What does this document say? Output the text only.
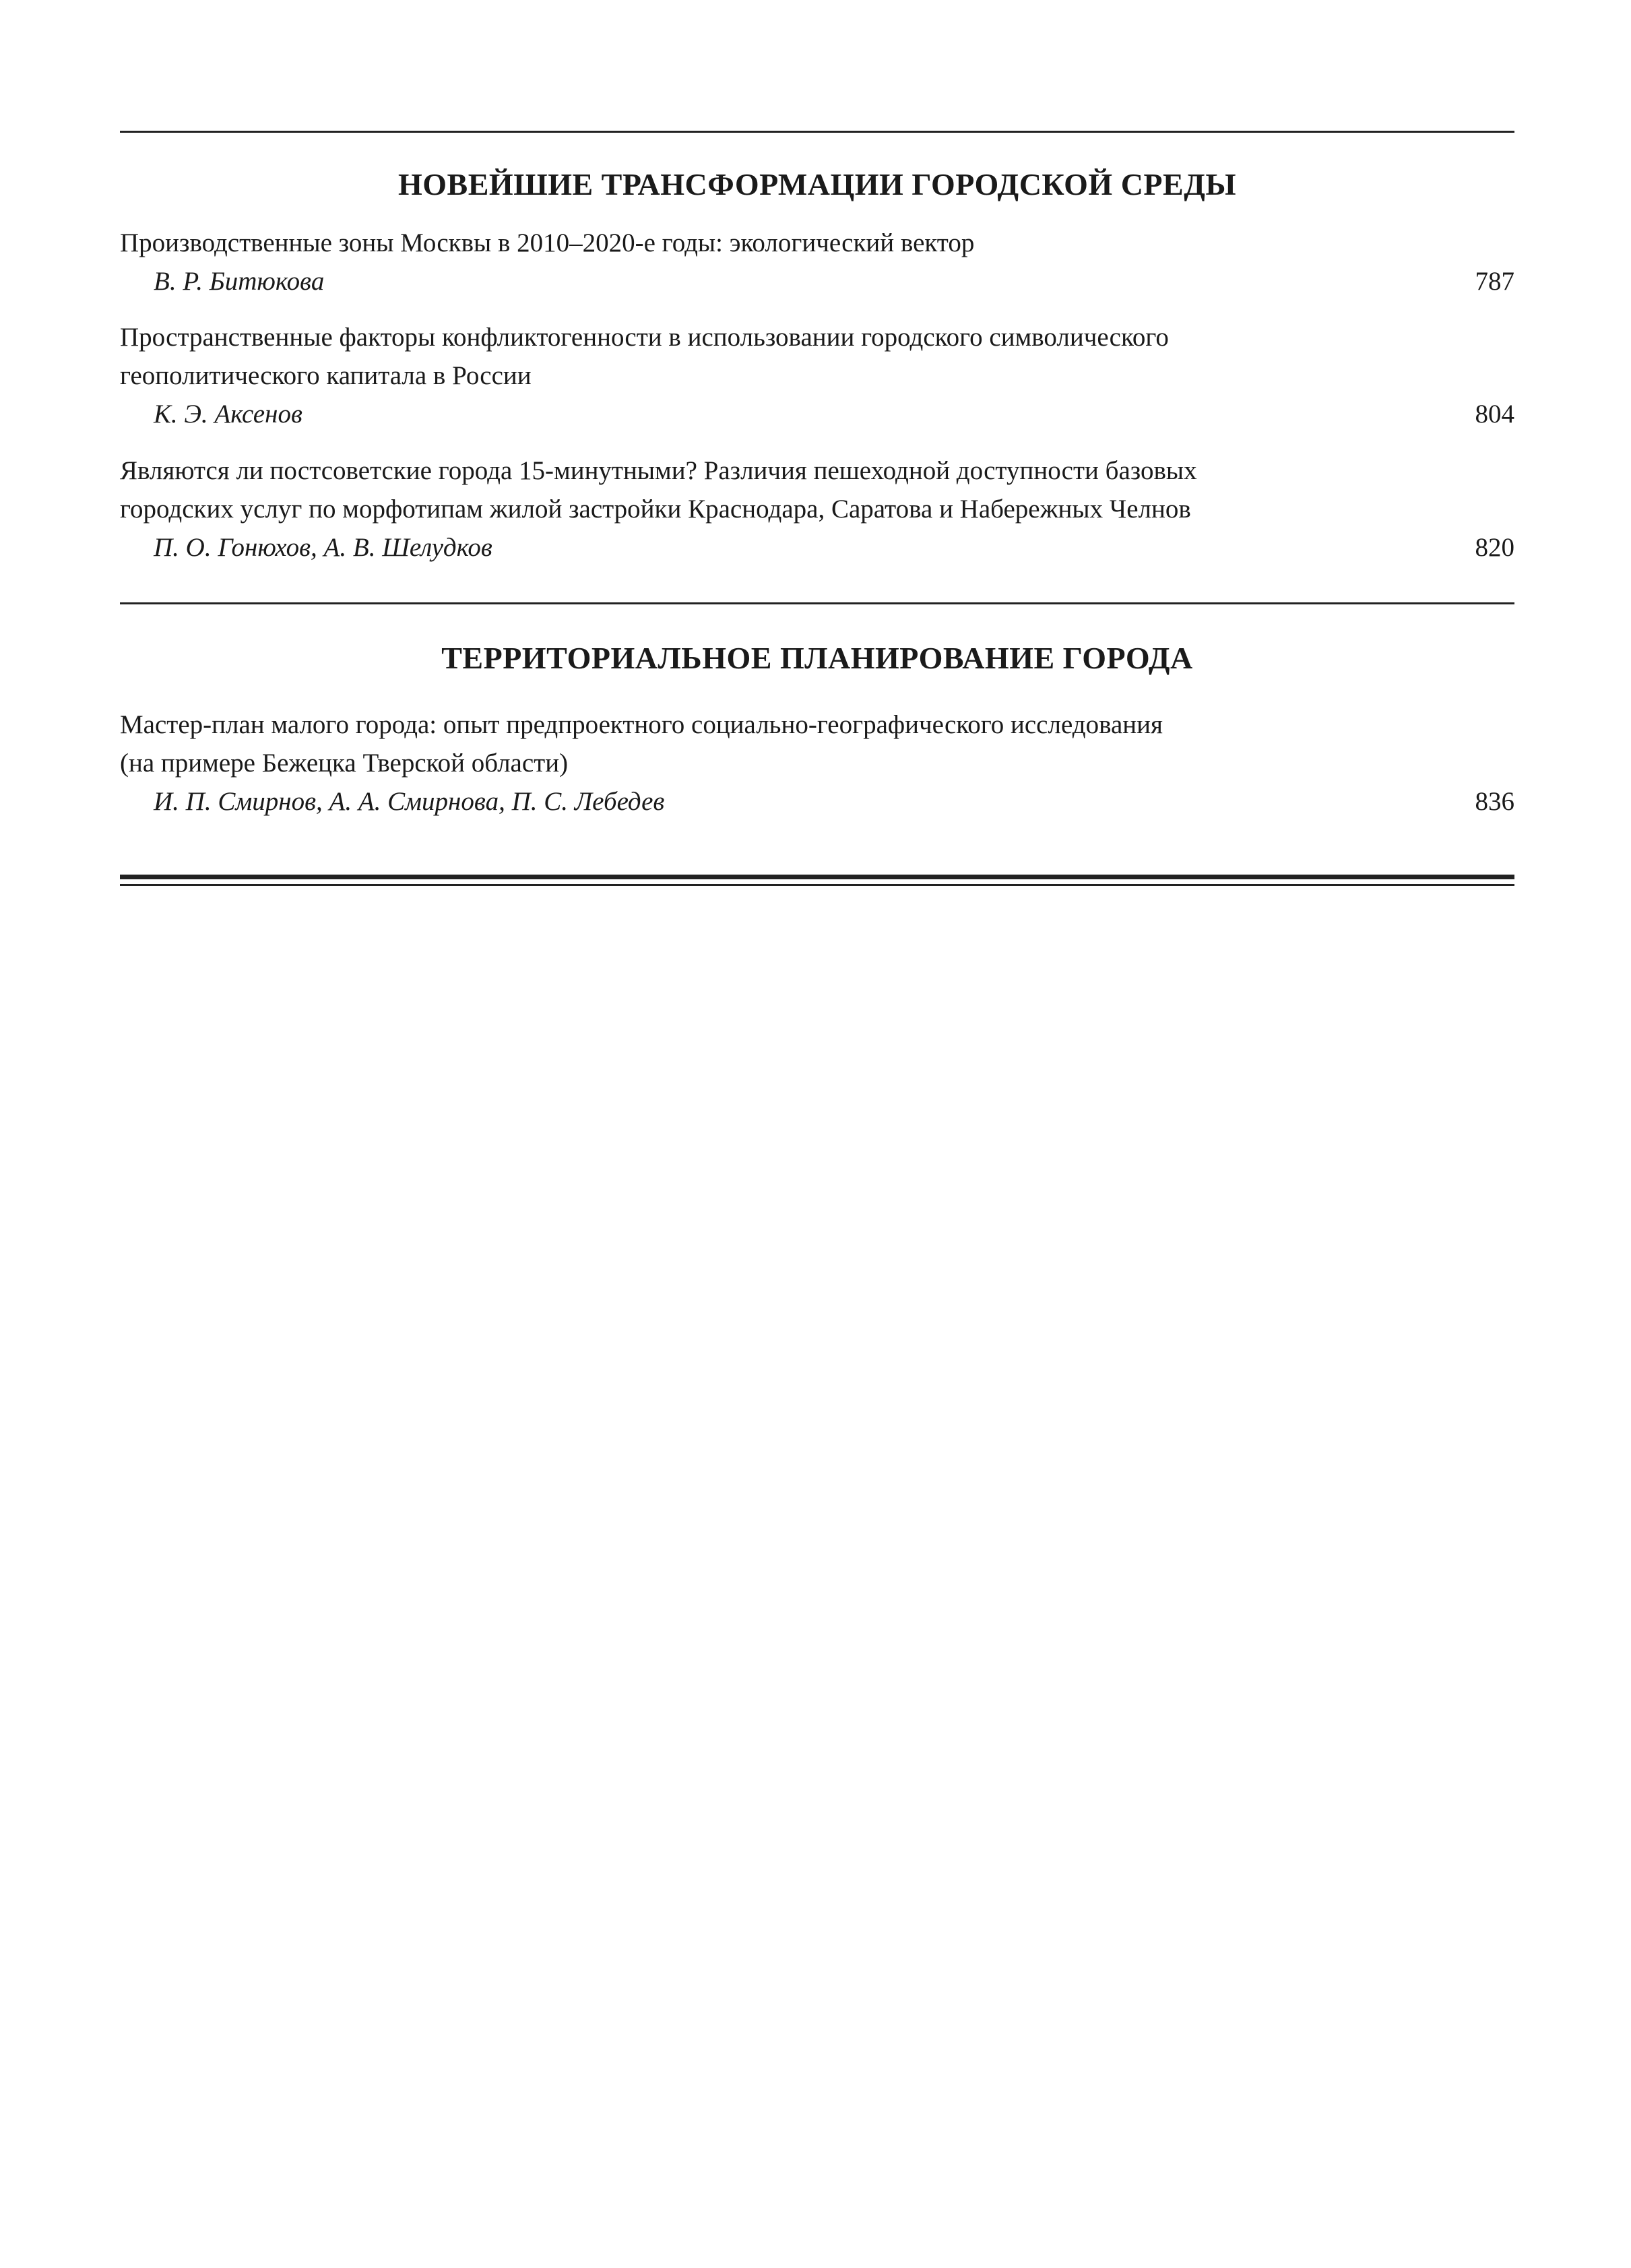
НОВЕЙШИЕ ТРАНСФОРМАЦИИ ГОРОДСКОЙ СРЕДЫ

Производственные зоны Москвы в 2010–2020-е годы: экологический вектор

В. Р. Битюкова	787

Пространственные факторы конфликтогенности в использовании городского символического

геополитического капитала в России

К. Э. Аксенов	804

Являются ли постсоветские города 15-минутными? Различия пешеходной доступности базовых

городских услуг по морфотипам жилой застройки Краснодара, Саратова и Набережных Челнов

П. О. Гонюхов, А. В. Шелудков	820
ТЕРРИТОРИАЛЬНОЕ ПЛАНИРОВАНИЕ ГОРОДА

Мастер-план малого города: опыт предпроектного социально-географического исследования

(на примере Бежецка Тверской области)

И. П. Смирнов, А. А. Смирнова, П. С. Лебедев	836
